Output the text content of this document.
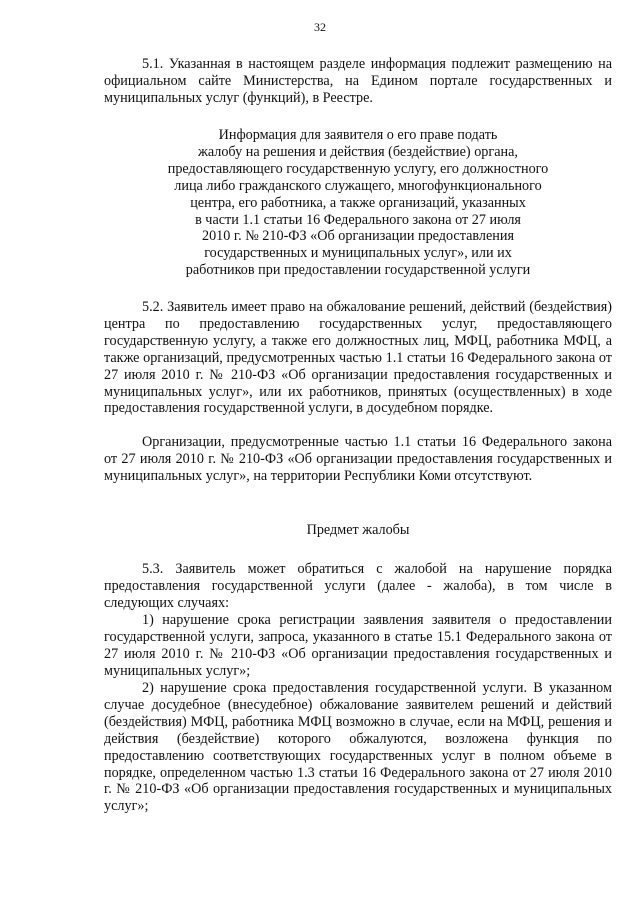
32

5.1. Указанная в настоящем разделе информация подлежит размещению на официальном сайте Министерства, на Едином портале государственных и муниципальных услуг (функций), в Реестре.

Информация для заявителя о его праве подать
жалобу на решения и действия (бездействие) органа,
предоставляющего государственную услугу, его должностного
лица либо гражданского служащего, многофункционального
центра, его работника, а также организаций, указанных
в части 1.1 статьи 16 Федерального закона от 27 июля
2010 г. № 210-ФЗ «Об организации предоставления
государственных и муниципальных услуг», или их
работников при предоставлении государственной услуги

5.2. Заявитель имеет право на обжалование решений, действий (бездействия) центра по предоставлению государственных услуг, предоставляющего государственную услугу, а также его должностных лиц, МФЦ, работника МФЦ, а также организаций, предусмотренных частью 1.1 статьи 16 Федерального закона от 27 июля 2010 г. № 210-ФЗ «Об организации предоставления государственных и муниципальных услуг», или их работников, принятых (осуществленных) в ходе предоставления государственной услуги, в досудебном порядке.

Организации, предусмотренные частью 1.1 статьи 16 Федерального закона от 27 июля 2010 г. № 210-ФЗ «Об организации предоставления государственных и муниципальных услуг», на территории Республики Коми отсутствуют.

Предмет жалобы

5.3. Заявитель может обратиться с жалобой на нарушение порядка предоставления государственной услуги (далее - жалоба), в том числе в следующих случаях:

1) нарушение срока регистрации заявления заявителя о предоставлении государственной услуги, запроса, указанного в статье 15.1 Федерального закона от 27 июля 2010 г. № 210-ФЗ «Об организации предоставления государственных и муниципальных услуг»;

2) нарушение срока предоставления государственной услуги. В указанном случае досудебное (внесудебное) обжалование заявителем решений и действий (бездействия) МФЦ, работника МФЦ возможно в случае, если на МФЦ, решения и действия (бездействие) которого обжалуются, возложена функция по предоставлению соответствующих государственных услуг в полном объеме в порядке, определенном частью 1.3 статьи 16 Федерального закона от 27 июля 2010 г. № 210-ФЗ «Об организации предоставления государственных и муниципальных услуг»;
